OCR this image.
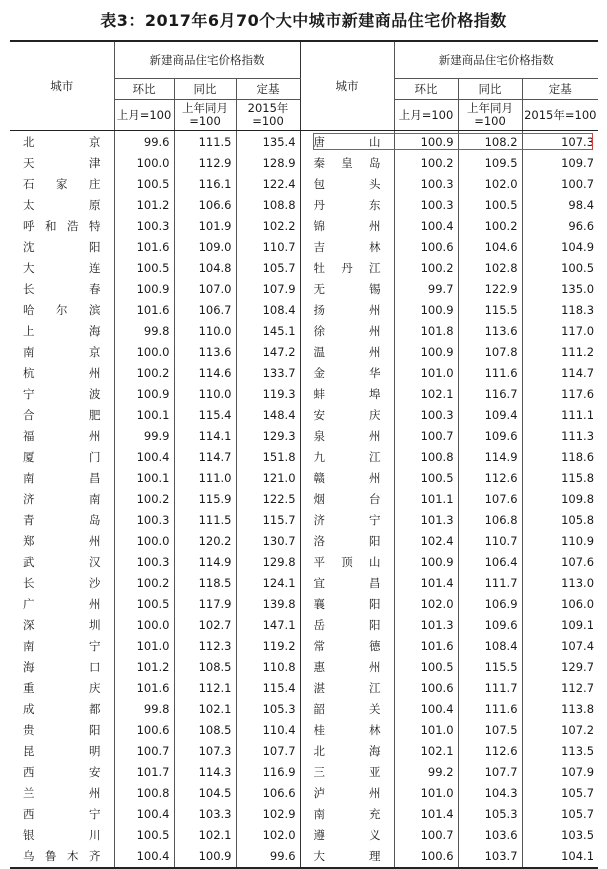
表3：2017年6月70个大中城市新建商品住宅价格指数
城市	新建商品住宅价格指数			城市	新建商品住宅价格指数		
	环比	同比	定基		环比	同比	定基
	上月=100	上年同月=100	2015年=100		上月=100	上年同月=100	2015年=100
北京	99.6	111.5	135.4	唐山	100.9	108.2	107.3
天津	100.0	112.9	128.9	秦皇岛	100.2	109.5	109.7
石家庄	100.5	116.1	122.4	包头	100.3	102.0	100.7
太原	101.2	106.6	108.8	丹东	100.3	100.5	98.4
呼和浩特	100.3	101.9	102.2	锦州	100.4	100.2	96.6
沈阳	101.6	109.0	110.7	吉林	100.6	104.6	104.9
大连	100.5	104.8	105.7	牡丹江	100.2	102.8	100.5
长春	100.9	107.0	107.9	无锡	99.7	122.9	135.0
哈尔滨	101.6	106.7	108.4	扬州	100.9	115.5	118.3
上海	99.8	110.0	145.1	徐州	101.8	113.6	117.0
南京	100.0	113.6	147.2	温州	100.9	107.8	111.2
杭州	100.2	114.6	133.7	金华	101.0	111.6	114.7
宁波	100.9	110.0	119.3	蚌埠	102.1	116.7	117.6
合肥	100.1	115.4	148.4	安庆	100.3	109.4	111.1
福州	99.9	114.1	129.3	泉州	100.7	109.6	111.3
厦门	100.4	114.7	151.8	九江	100.8	114.9	118.6
南昌	100.1	111.0	121.0	赣州	100.5	112.6	115.8
济南	100.2	115.9	122.5	烟台	101.1	107.6	109.8
青岛	100.3	111.5	115.7	济宁	101.3	106.8	105.8
郑州	100.0	120.2	130.7	洛阳	102.4	110.7	110.9
武汉	100.3	114.9	129.8	平顶山	100.9	106.4	107.6
长沙	100.2	118.5	124.1	宜昌	101.4	111.7	113.0
广州	100.5	117.9	139.8	襄阳	102.0	106.9	106.0
深圳	100.0	102.7	147.1	岳阳	101.3	109.6	109.1
南宁	101.0	112.3	119.2	常德	101.6	108.4	107.4
海口	101.2	108.5	110.8	惠州	100.5	115.5	129.7
重庆	101.6	112.1	115.4	湛江	100.6	111.7	112.7
成都	99.8	102.1	105.3	韶关	100.4	111.6	113.8
贵阳	100.6	108.5	110.4	桂林	101.0	107.5	107.2
昆明	100.7	107.3	107.7	北海	102.1	112.6	113.5
西安	101.7	114.3	116.9	三亚	99.2	107.7	107.9
兰州	100.8	104.5	106.6	泸州	101.0	104.3	105.7
西宁	100.4	103.3	102.9	南充	101.4	105.3	105.7
银川	100.5	102.1	102.0	遵义	100.7	103.6	103.5
乌鲁木齐	100.4	100.9	99.6	大理	100.6	103.7	104.1
